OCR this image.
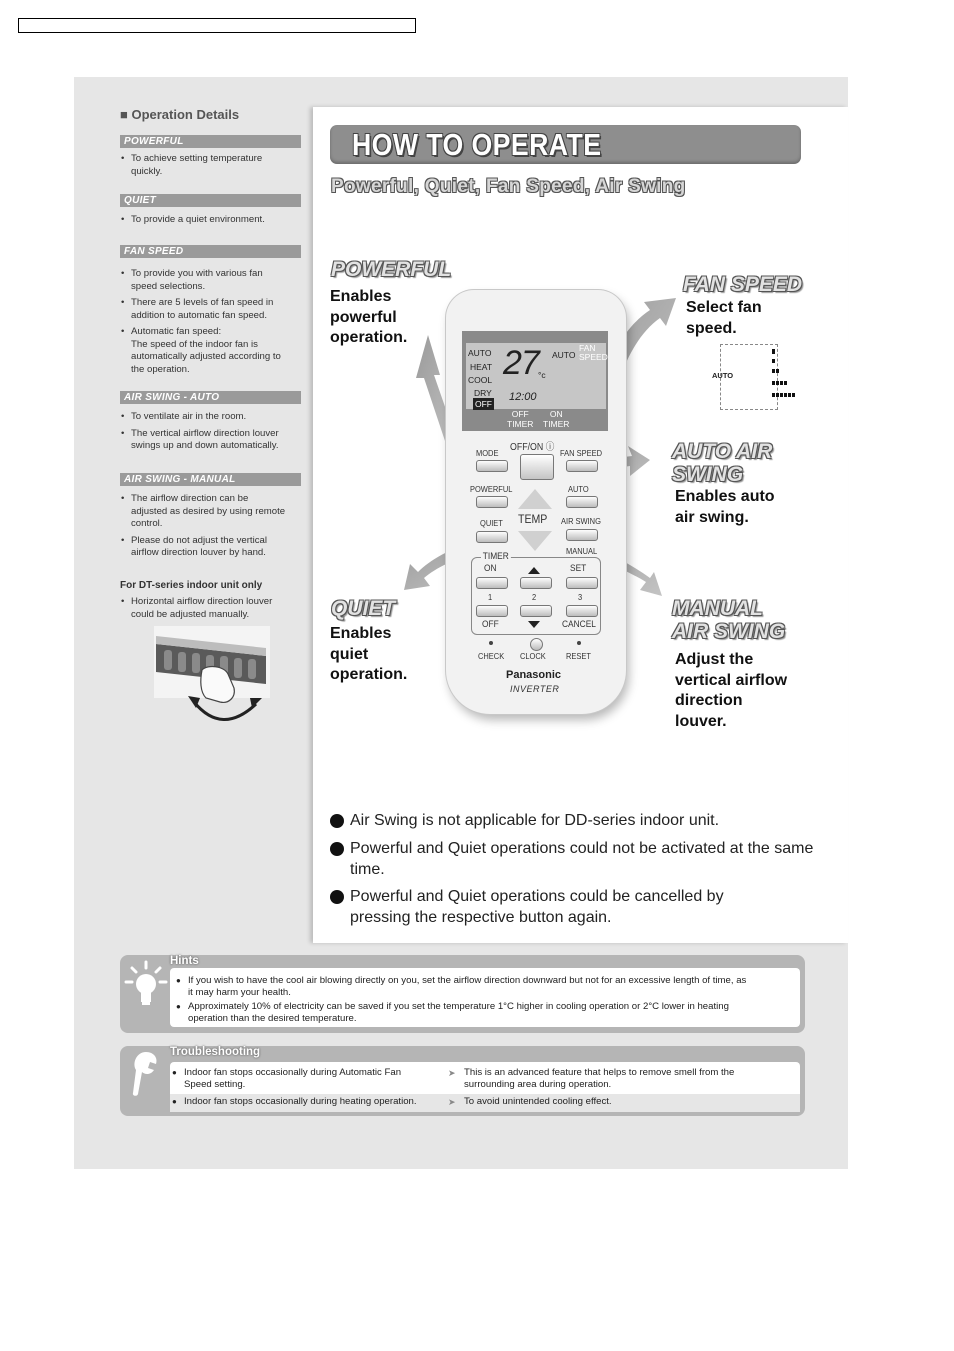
■ Operation Details
POWERFUL
• To achieve setting temperature
quickly.
QUIET
• To provide a quiet environment.
FAN SPEED
• To provide you with various fan
speed selections.
• There are 5 levels of fan speed in
addition to automatic fan speed.
• Automatic fan speed:
The speed of the indoor fan is
automatically adjusted according to
the operation.
AIR SWING - AUTO
• To ventilate air in the room.
• The vertical airflow direction louver
swings up and down automatically.
AIR SWING - MANUAL
• The airflow direction can be
adjusted as desired by using remote
control.
• Please do not adjust the vertical
airflow direction louver by hand.
For DT-series indoor unit only
• Horizontal airflow direction louver
could be adjusted manually.
HOW TO OPERATE
Powerful, Quiet, Fan Speed, Air Swing
POWERFUL
Enables
powerful
operation.
FAN SPEED
Select fan
speed.
AUTO AIR
SWING
Enables auto
air swing.
QUIET
Enables
quiet
operation.
MANUAL
AIR SWING
Adjust the
vertical airflow
direction
louver.
AUTO
AUTO
HEAT
COOL
DRY
OFF
27 °c
AUTO
FAN
SPEED
12:00
OFF
TIMER
ON
TIMER
MODE OFF/ON ⓘ FAN SPEED
POWERFUL	AUTO
TEMP
QUIET	AIR SWING
MANUAL
TIMER
ON	SET
1	2	3
OFF	CANCEL
CHECK CLOCK RESET
Panasonic
INVERTER
Air Swing is not applicable for DD-series indoor unit.
Powerful and Quiet operations could not be activated at the same time.
Powerful and Quiet operations could be cancelled by pressing the respective button again.
Hints
● If you wish to have the cool air blowing directly on you, set the airflow direction downward but not for an excessive length of time, as
it may harm your health.
● Approximately 10% of electricity can be saved if you set the temperature 1°C higher in cooling operation or 2°C lower in heating
operation than the desired temperature.
Troubleshooting
● Indoor fan stops occasionally during Automatic Fan
Speed setting.
➤ This is an advanced feature that helps to remove smell from the
surrounding area during operation.
● Indoor fan stops occasionally during heating operation.
➤	To avoid unintended cooling effect.
